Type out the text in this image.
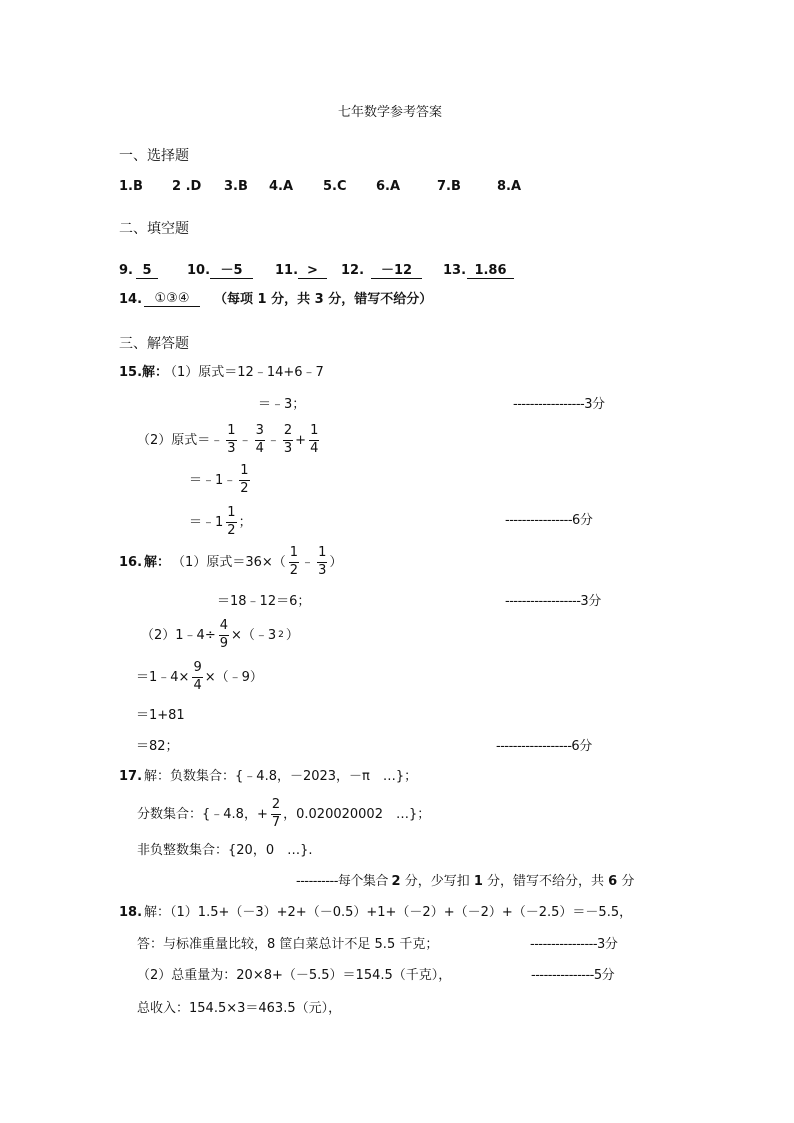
七年数学参考答案
一、选择题
1.B 2 .D 3.B 4.A 5.C 6.A	7.B	8.A
二、填空题
9. 5	10. －5	11. >	12.	－12	13. 1.86
14. ①③④	（每项 1 分，共 3 分，错写不给分）
三、解答题
15.解：
（1）原式＝12﹣14+6﹣7
＝﹣3；	-----------------3分
（2）原式＝﹣ $\frac{1}{3}$ ﹣ $\frac{3}{4}$ ﹣ $\frac{2}{3} + \frac{1}{4}$
＝﹣1﹣ $\frac{1}{2}$
＝﹣1 $\frac{1}{2}$ ；	----------------6分
16. 解： （1）原式$=36\times( \frac{1}{2}$ ﹣ $\frac{1}{3}$ ）
＝18﹣12＝6；	------------------3分
（2）1﹣4÷ $\frac{4}{9}$ ×（﹣3 2 ）
＝1﹣4× $\frac{9}{4}$ ×（﹣9）
＝1+81
＝82；	------------------6分
17. 解：负数集合：{﹣4.8，－2023，－π　…}；
分数集合：{﹣4.8，+ $\frac{2}{7}$ ，0.020020002　…}；
非负整数集合：{20，0　…}.
----------每个集合 2 分，少写扣 1 分，错写不给分，共 6 分
18. 解：（1）1.5+（－3）+2+（－0.5）+1+（－2）+（－2）+（－2.5）＝－5.5，
答：与标准重量比较，8 筐白菜总计不足 5.5 千克；	----------------3分
（2）总重量为：20×8+（－5.5）＝154.5（千克），	---------------5分
总收入：154.5×3＝463.5（元），
